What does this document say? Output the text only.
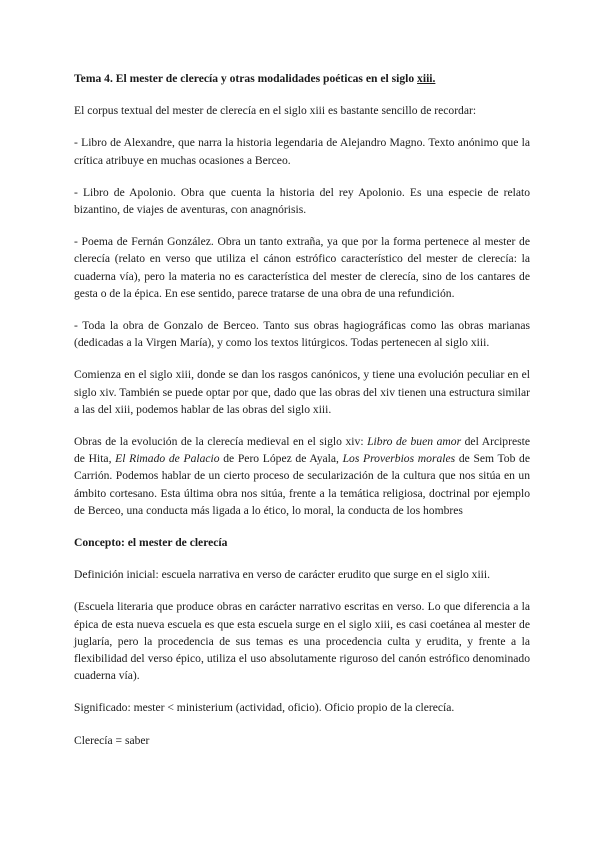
Tema 4. El mester de clerecía y otras modalidades poéticas en el siglo xiii.

El corpus textual del mester de clerecía en el siglo xiii es bastante sencillo de recordar:

- Libro de Alexandre, que narra la historia legendaria de Alejandro Magno. Texto anónimo que la crítica atribuye en muchas ocasiones a Berceo.

- Libro de Apolonio. Obra que cuenta la historia del rey Apolonio. Es una especie de relato bizantino, de viajes de aventuras, con anagnórisis.

- Poema de Fernán González. Obra un tanto extraña, ya que por la forma pertenece al mester de clerecía (relato en verso que utiliza el cánon estrófico característico del mester de clerecía: la cuaderna vía), pero la materia no es característica del mester de clerecía, sino de los cantares de gesta o de la épica. En ese sentido, parece tratarse de una obra de una refundición.

- Toda la obra de Gonzalo de Berceo. Tanto sus obras hagiográficas como las obras marianas (dedicadas a la Virgen María), y como los textos litúrgicos. Todas pertenecen al siglo xiii.

Comienza en el siglo xiii, donde se dan los rasgos canónicos, y tiene una evolución peculiar en el siglo xiv. También se puede optar por que, dado que las obras del xiv tienen una estructura similar a las del xiii, podemos hablar de las obras del siglo xiii.

Obras de la evolución de la clerecía medieval en el siglo xiv: Libro de buen amor del Arcipreste de Hita, El Rimado de Palacio de Pero López de Ayala, Los Proverbios morales de Sem Tob de Carrión. Podemos hablar de un cierto proceso de secularización de la cultura que nos sitúa en un ámbito cortesano. Esta última obra nos sitúa, frente a la temática religiosa, doctrinal por ejemplo de Berceo, una conducta más ligada a lo ético, lo moral, la conducta de los hombres

Concepto: el mester de clerecía

Definición inicial: escuela narrativa en verso de carácter erudito que surge en el siglo xiii.

(Escuela literaria que produce obras en carácter narrativo escritas en verso. Lo que diferencia a la épica de esta nueva escuela es que esta escuela surge en el siglo xiii, es casi coetánea al mester de juglaría, pero la procedencia de sus temas es una procedencia culta y erudita, y frente a la flexibilidad del verso épico, utiliza el uso absolutamente riguroso del canón estrófico denominado cuaderna vía).

Significado: mester < ministerium (actividad, oficio). Oficio propio de la clerecía.

Clerecía = saber
